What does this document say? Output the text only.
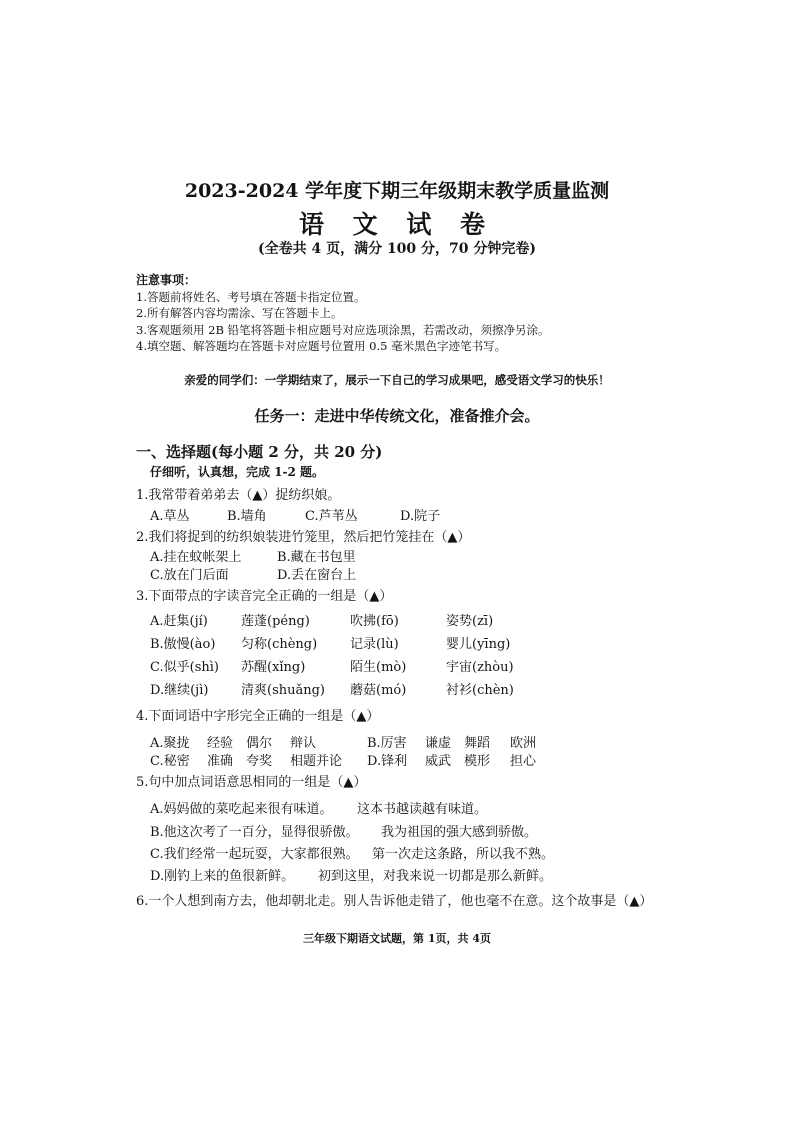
2023-2024 学年度下期三年级期末教学质量监测
语 文 试 卷
(全卷共 4 页，满分 100 分，70 分钟完卷)
注意事项：
1.答题前将姓名、考号填在答题卡指定位置。
2.所有解答内容均需涂、写在答题卡上。
3.客观题须用 2B 铅笔将答题卡相应题号对应选项涂黑，若需改动，须擦净另涂。
4.填空题、解答题均在答题卡对应题号位置用 0.5 毫米黑色字迹笔书写。
亲爱的同学们：一学期结束了，展示一下自己的学习成果吧，感受语文学习的快乐！
任务一：走进中华传统文化，准备推介会。
一、选择题(每小题 2 分，共 20 分)
仔细听，认真想，完成 1-2 题。
1.我常带着弟弟去（▲）捉纺织娘。
A.草丛	B.墙角	C.芦苇丛	D.院子
2.我们将捉到的纺织娘装进竹笼里，然后把竹笼挂在（▲）
A.挂在蚊帐架上	B.藏在书包里
C.放在门后面	D.丢在窗台上
3.下面带点的字读音完全正确的一组是（▲）
A.赶集(jí)	莲蓬(péng)	吹拂(fō)	姿势(zī)
B.傲慢(ào) 匀称(chèng)	记录(lù)	婴儿(yīng)
C.似乎(shì) 苏醒(xǐng)	陌生(mò)	宇宙(zhòu)
D.继续(jì)	清爽(shuǎng) 蘑菇(mó)	衬衫(chèn)
4.下面词语中字形完全正确的一组是（▲）
A.聚拢 经验 偶尔 辩认	B.厉害 谦虚 舞蹈 欧洲
C.秘密 准确 夸奖 相题并论 D.锋利 威武 模形 担心
5.句中加点词语意思相同的一组是（▲）
A.妈妈做的菜吃起来很有味道。 这本书越读越有味道。
B.他这次考了一百分，显得很骄傲。 我为祖国的强大感到骄傲。
C.我们经常一起玩耍，大家都很熟。 第一次走这条路，所以我不熟。
D.刚钓上来的鱼很新鲜。 初到这里，对我来说一切都是那么新鲜。
6.一个人想到南方去，他却朝北走。别人告诉他走错了，他也毫不在意。这个故事是（▲）
三年级下期语文试题，第 1页，共 4页
